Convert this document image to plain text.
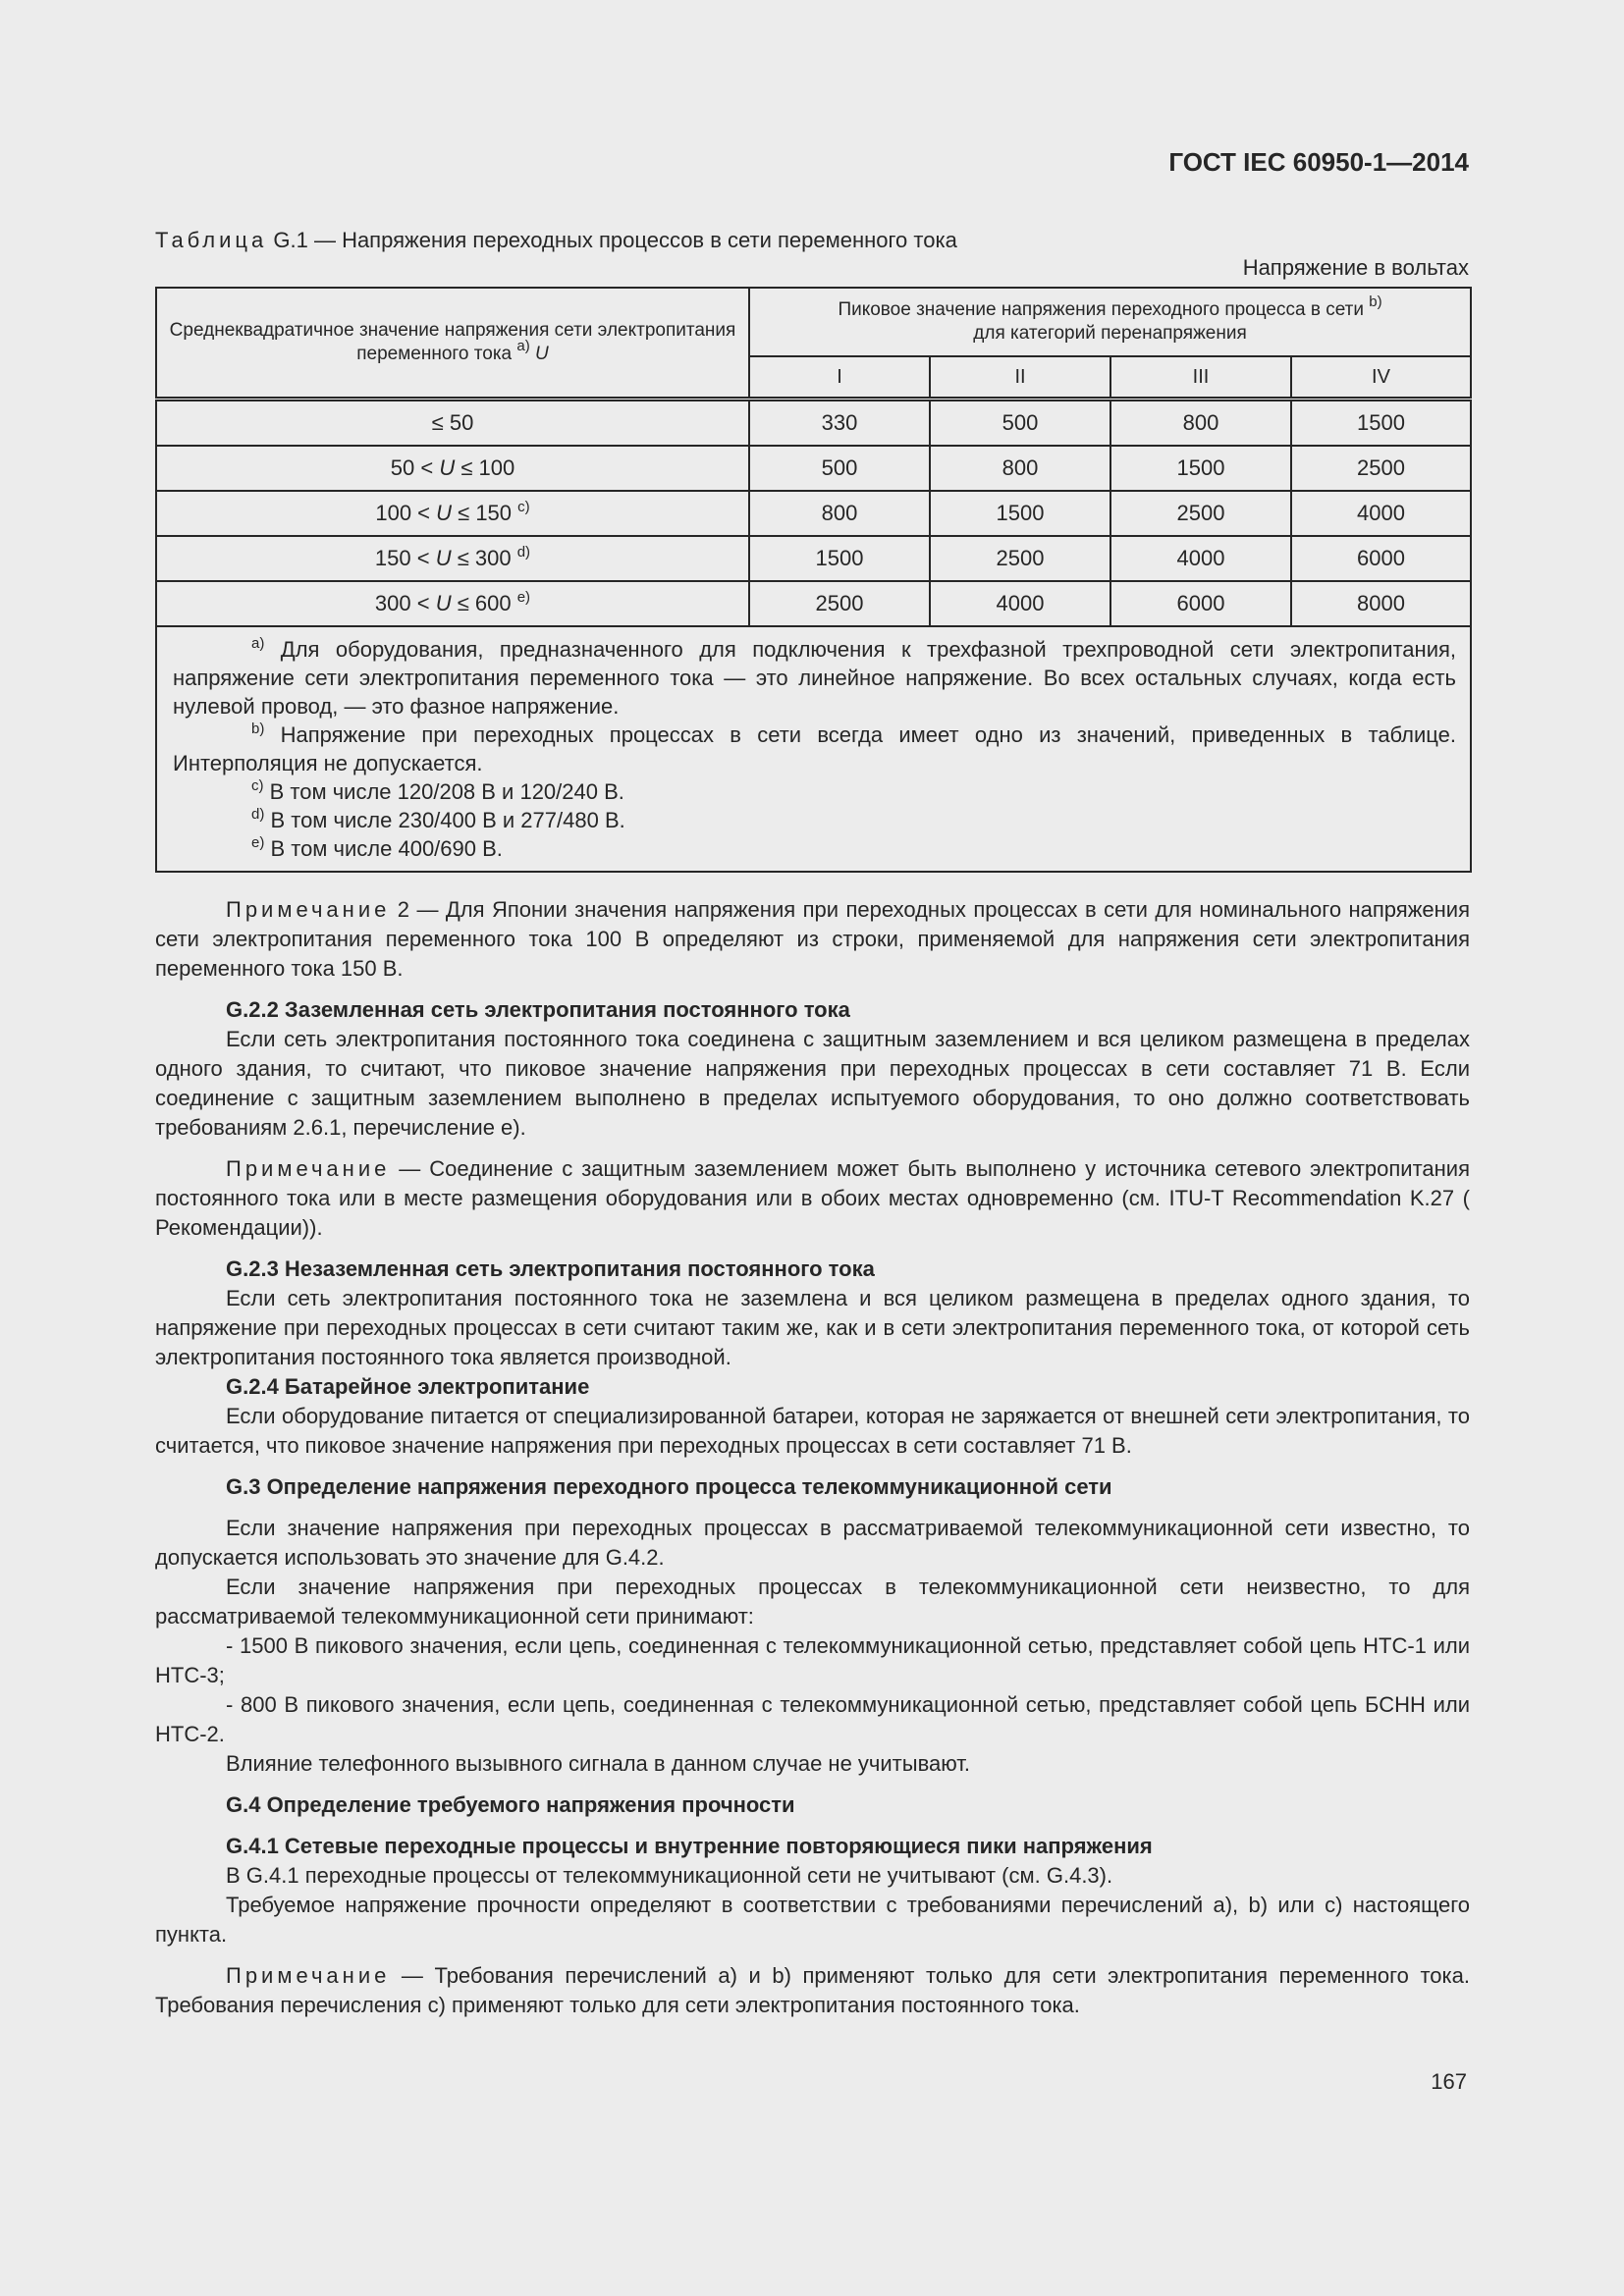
ГОСТ IEC 60950-1—2014
Таблица G.1 — Напряжения переходных процессов в сети переменного тока
Напряжение в вольтах
Среднеквадратичное значение напряжения сети электропитания переменного тока $^{a)}$ U	Пиковое значение напряжения переходного процесса в сети $^{b)}$
для категорий перенапряжения			
	I	II	III	IV
≤ 50	330	500	800	1500
50 < U ≤ 100	500	800	1500	2500
100 < U ≤ 150 $^{c)}$	800	1500	2500	4000
150 < U ≤ 300 $^{d)}$	1500	2500	4000	6000
300 < U ≤ 600 $^{e)}$	2500	4000	6000	8000

$^{a)}$ Для оборудования, предназначенного для подключения к трехфазной трехпроводной сети электропитания, напряжение сети электропитания переменного тока — это линейное напряжение. Во всех остальных случаях, когда есть нулевой провод, — это фазное напряжение.
$^{b)}$ Напряжение при переходных процессах в сети всегда имеет одно из значений, приведенных в таблице. Интерполяция не допускается.
$^{c)}$ В том числе 120/208 В и 120/240 В.
$^{d)}$ В том числе 230/400 В и 277/480 В.
$^{e)}$ В том числе 400/690 В.				

Примечание 2 — Для Японии значения напряжения при переходных процессах в сети для номинального напряжения сети электропитания переменного тока 100 В определяют из строки, применяемой для напряжения сети электропитания переменного тока 150 В.

G.2.2 Заземленная сеть электропитания постоянного тока

Если сеть электропитания постоянного тока соединена с защитным заземлением и вся целиком размещена в пределах одного здания, то считают, что пиковое значение напряжения при переходных процессах в сети составляет 71 В. Если соединение с защитным заземлением выполнено в пределах испытуемого оборудования, то оно должно соответствовать требованиям 2.6.1, перечисление е).

Примечание — Соединение с защитным заземлением может быть выполнено у источника сетевого электропитания постоянного тока или в месте размещения оборудования или в обоих местах одновременно (см. ITU-T Recommendation K.27 ( Рекомендации)).

G.2.3 Незаземленная сеть электропитания постоянного тока

Если сеть электропитания постоянного тока не заземлена и вся целиком размещена в пределах одного здания, то напряжение при переходных процессах в сети считают таким же, как и в сети электропитания переменного тока, от которой сеть электропитания постоянного тока является производной.

G.2.4 Батарейное электропитание

Если оборудование питается от специализированной батареи, которая не заряжается от внешней сети электропитания, то считается, что пиковое значение напряжения при переходных процессах в сети составляет 71 В.

G.3 Определение напряжения переходного процесса телекоммуникационной сети

Если значение напряжения при переходных процессах в рассматриваемой телекоммуникационной сети известно, то допускается использовать это значение для G.4.2.

Если значение напряжения при переходных процессах в телекоммуникационной сети неизвестно, то для рассматриваемой телекоммуникационной сети принимают:

- 1500 В пикового значения, если цепь, соединенная с телекоммуникационной сетью, представляет собой цепь НТС-1 или НТС-3;

- 800 В пикового значения, если цепь, соединенная с телекоммуникационной сетью, представляет собой цепь БСНН или НТС-2.

Влияние телефонного вызывного сигнала в данном случае не учитывают.

G.4 Определение требуемого напряжения прочности
G.4.1 Сетевые переходные процессы и внутренние повторяющиеся пики напряжения

В G.4.1 переходные процессы от телекоммуникационной сети не учитывают (см. G.4.3).

Требуемое напряжение прочности определяют в соответствии с требованиями перечислений a), b) или c) настоящего пункта.

Примечание — Требования перечислений a) и b) применяют только для сети электропитания переменного тока. Требования перечисления c) применяют только для сети электропитания постоянного тока.

167
